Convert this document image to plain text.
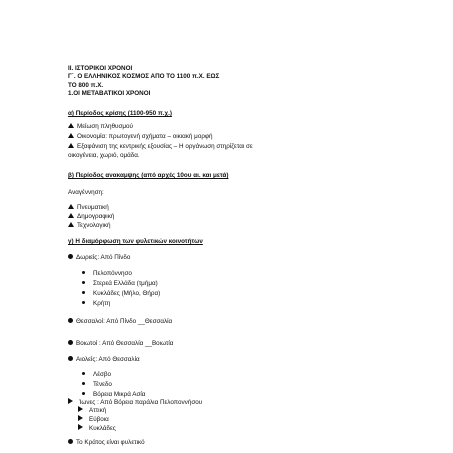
II. ΙΣΤΟΡΙΚΟΙ ΧΡΟΝΟΙ
Γ΄. Ο ΕΛΛΗΝΙΚΟΣ ΚΟΣΜΟΣ ΑΠΟ ΤΟ 1100 π.Χ. ΕΩΣ
ΤΟ 800 π.Χ.
1.ΟΙ ΜΕΤΑΒΑΤΙΚΟΙ ΧΡΟΝΟΙ
α) Περίοδος κρίσης (1100-950 π.χ.)
Μείωση πληθυσμού
Οικονομία: πρωτογενή σχήματα – οικιακή μορφή
Εξαφάνιση της κεντρικής εξουσίας – Η οργάνωση στηρίζεται σε
οικογένεια, χωριό, ομάδα.
β) Περίοδος ανακαμψης (από αρχές 10ου αι. και μετά)
Αναγέννηση:
Πνευματική
Δημογραφική
Τεχνολογική
γ) Η διαμόρφωση των φυλετικών κοινοτήτων
Δωριείς: Από Πίνδο
Πελοπόννησο
Στερεά Ελλάδα (τμήμα)
Κυκλάδες (Μήλο, Θήρα)
Κρήτη
Θεσσαλοί: Από Πίνδο __Θεσσαλία
Βοιωτοί : Από Θεσσαλία __Βοιωτία
Αιολείς: Από Θεσσαλία
Λέσβο
Τένεδο
Βόρεια Μικρά Ασία
Ίωνες : Από Βόρεια παράλια Πελοποννήσου
Αττική
Εύβοια
Κυκλάδες
Το Κράτος είναι φυλετικό
